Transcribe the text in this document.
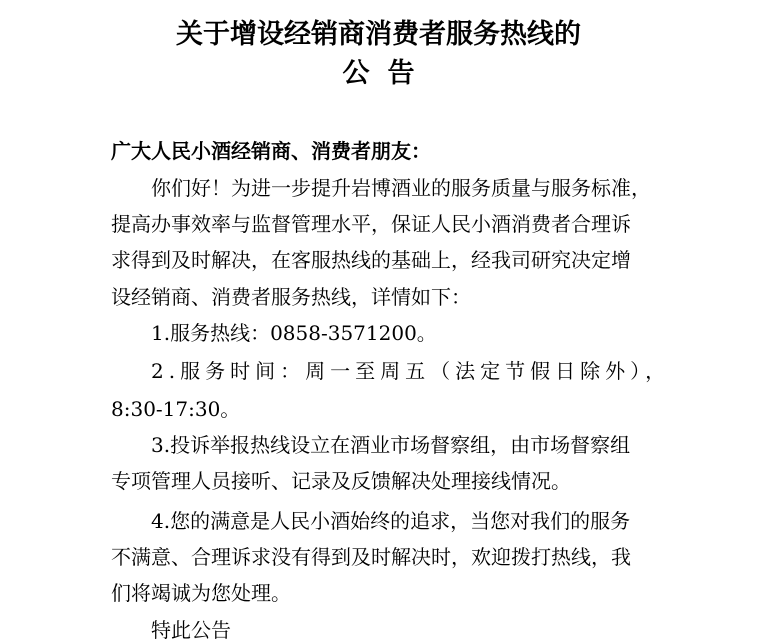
关于增设经销商消费者服务热线的
公告

广大人民小酒经销商、消费者朋友：

你们好！为进一步提升岩博酒业的服务质量与服务标准，

提高办事效率与监督管理水平，保证人民小酒消费者合理诉

求得到及时解决，在客服热线的基础上，经我司研究决定增

设经销商、消费者服务热线，详情如下：

1.服务热线：0858-3571200。

2.服务时间：周一至周五（法定节假日除外），

8:30-17:30。

3.投诉举报热线设立在酒业市场督察组，由市场督察组

专项管理人员接听、记录及反馈解决处理接线情况。

4.您的满意是人民小酒始终的追求，当您对我们的服务

不满意、合理诉求没有得到及时解决时，欢迎拨打热线，我

们将竭诚为您处理。

特此公告
